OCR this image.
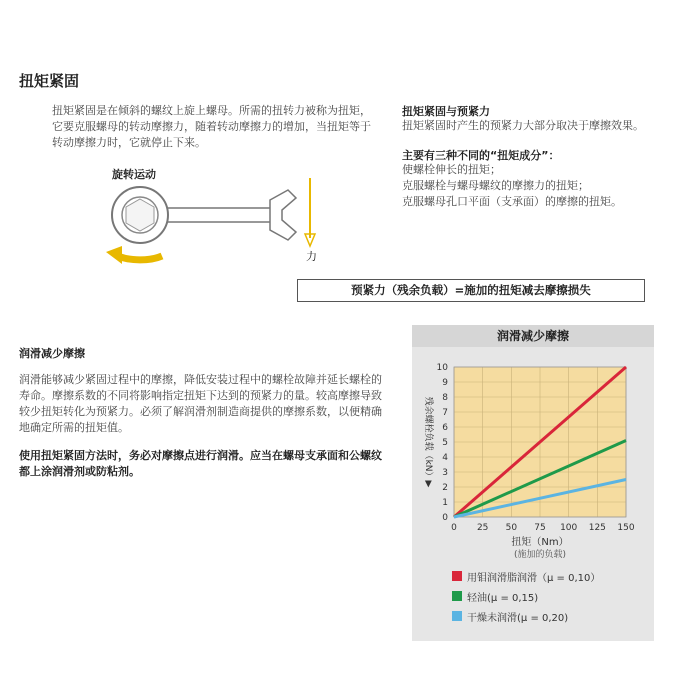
扭矩紧固
扭矩紧固是在倾斜的螺纹上旋上螺母。所需的扭转力被称为扭矩，它要克服螺母的转动摩擦力，随着转动摩擦力的增加，当扭矩等于转动摩擦力时，它就停止下来。
旋转运动
力
扭矩紧固与预紧力
扭矩紧固时产生的预紧力大部分取决于摩擦效果。
主要有三种不同的“扭矩成分”：
使螺栓伸长的扭矩；
克服螺栓与螺母螺纹的摩擦力的扭矩；
克服螺母孔口平面（支承面）的摩擦的扭矩。
预紧力（残余负载）=施加的扭矩减去摩擦损失
润滑减少摩擦
润滑能够减少紧固过程中的摩擦，降低安装过程中的螺栓故障并延长螺栓的寿命。摩擦系数的不同将影响指定扭矩下达到的预紧力的量。较高摩擦导致较少扭矩转化为预紧力。必须了解润滑剂制造商提供的摩擦系数，以便精确地确定所需的扭矩值。
使用扭矩紧固方法时，务必对摩擦点进行润滑。应当在螺母支承面和公螺纹都上涂润滑剂或防粘剂。
润滑减少摩擦
0
1
2
3
4
5
6
7
8
9
10
0 25 50 75 100 125 150
残余螺栓负载（kN）▶
扭矩（Nm）
(施加的负载)
用钼润滑脂润滑（μ = 0,10）
轻油(μ = 0,15)
干燥未润滑(μ = 0,20)
